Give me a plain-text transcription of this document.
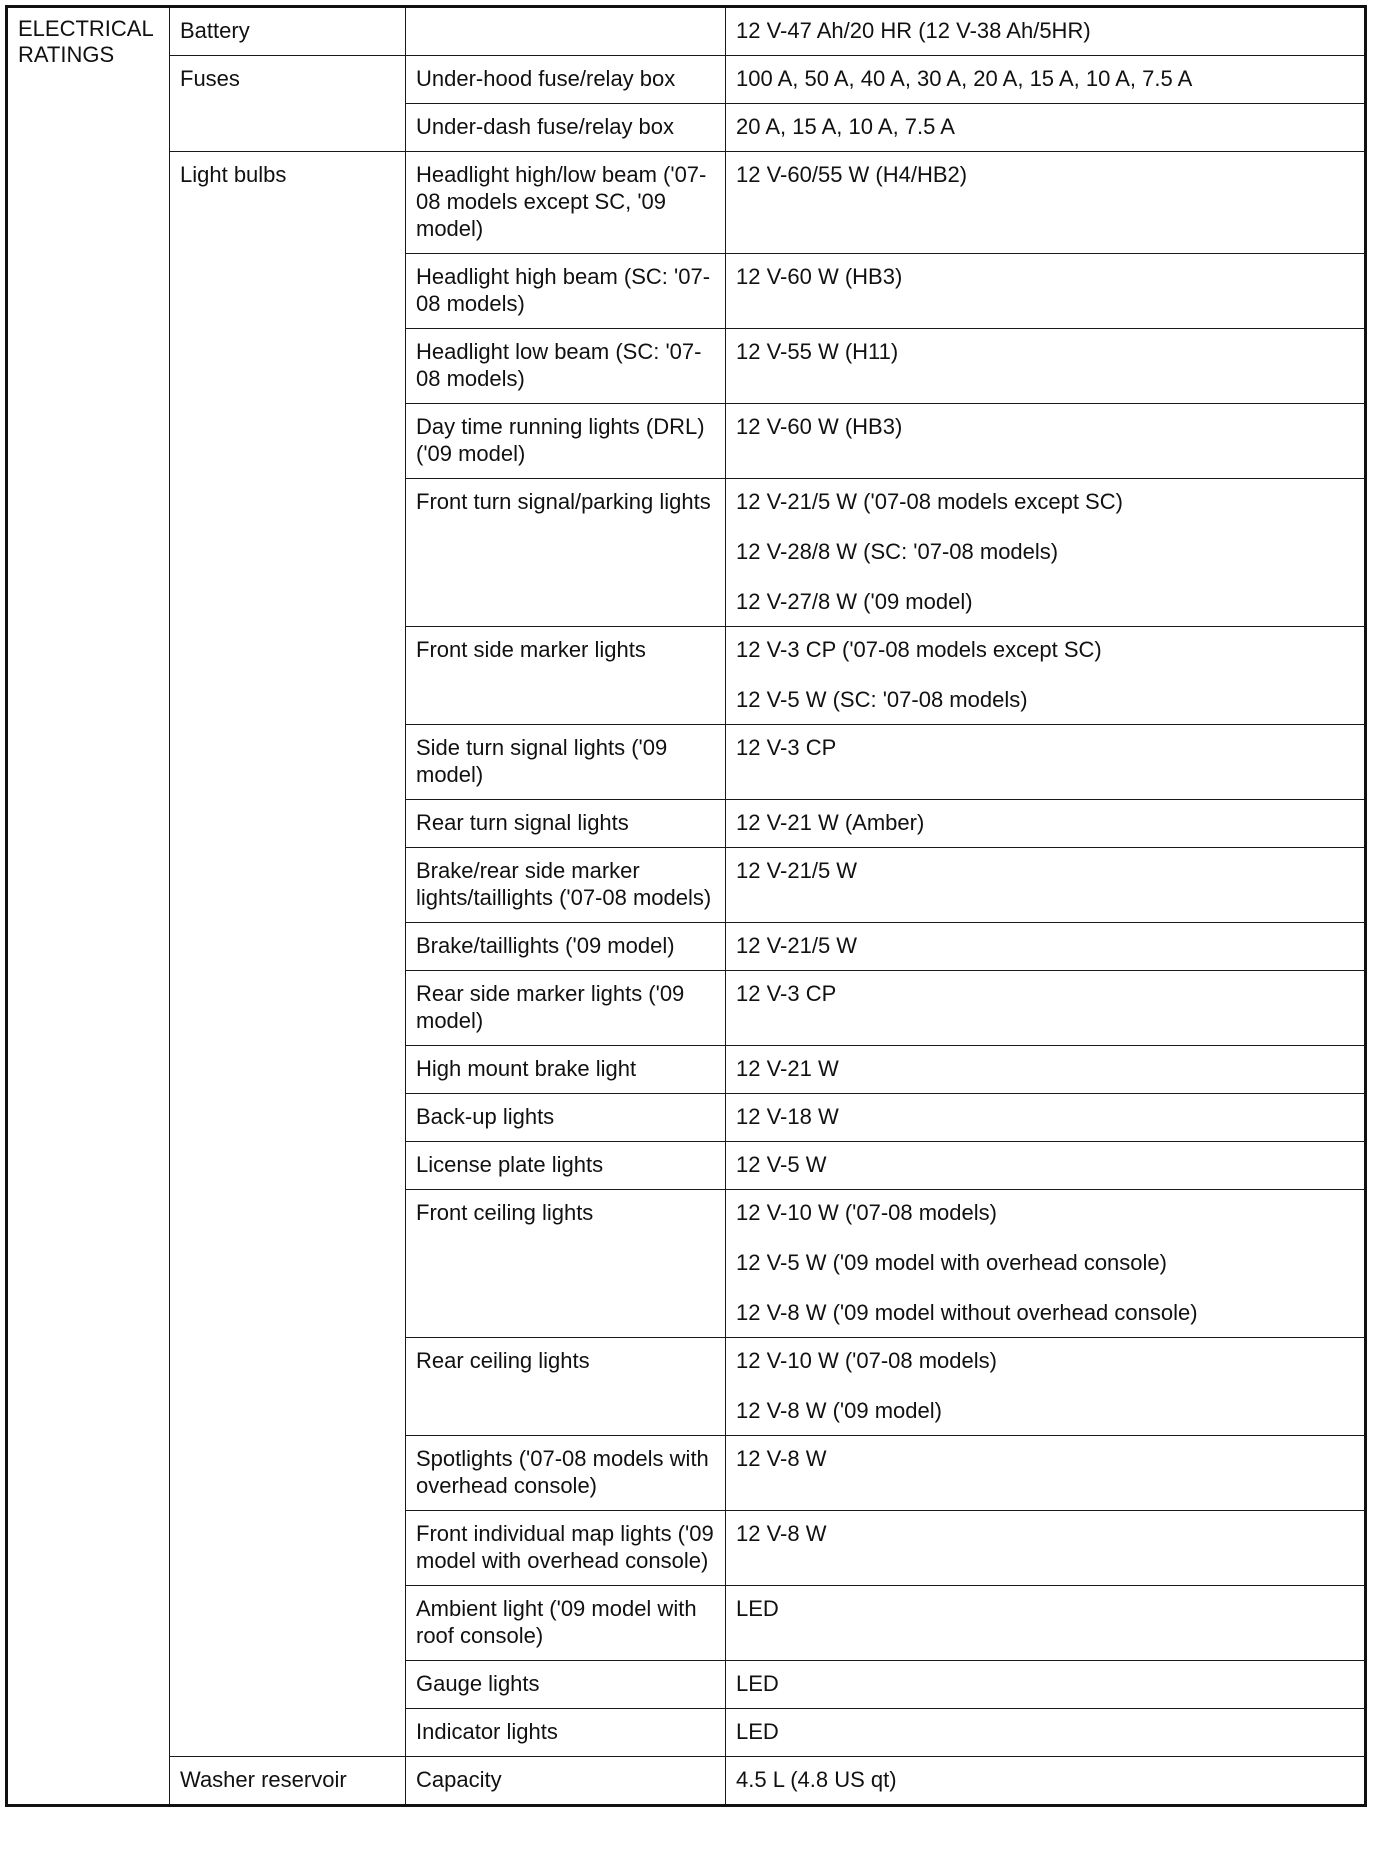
ELECTRICAL RATINGS	Battery		12 V-47 Ah/20 HR (12 V-38 Ah/5HR)

	Fuses	Under-hood fuse/relay box	100 A, 50 A, 40 A, 30 A, 20 A, 15 A, 10 A, 7.5 A

		Under-dash fuse/relay box	20 A, 15 A, 10 A, 7.5 A

	Light bulbs	Headlight high/low beam ('07-08 models except SC, '09 model)	12 V-60/55 W (H4/HB2)

		Headlight high beam (SC: '07-08 models)	12 V-60 W (HB3)

		Headlight low beam (SC: '07-08 models)	12 V-55 W (H11)

		Day time running lights (DRL) ('09 model)	12 V-60 W (HB3)

		Front turn signal/parking lights	12 V-21/5 W ('07-08 models except SC)
12 V-28/8 W (SC: '07-08 models)
12 V-27/8 W ('09 model)

		Front side marker lights	12 V-3 CP ('07-08 models except SC)
12 V-5 W (SC: '07-08 models)

		Side turn signal lights ('09 model)	12 V-3 CP

		Rear turn signal lights	12 V-21 W (Amber)

		Brake/rear side marker lights/taillights ('07-08 models)	12 V-21/5 W

		Brake/taillights ('09 model)	12 V-21/5 W

		Rear side marker lights ('09 model)	12 V-3 CP

		High mount brake light	12 V-21 W

		Back-up lights	12 V-18 W

		License plate lights	12 V-5 W

		Front ceiling lights	12 V-10 W ('07-08 models)
12 V-5 W ('09 model with overhead console)
12 V-8 W ('09 model without overhead console)

		Rear ceiling lights	12 V-10 W ('07-08 models)
12 V-8 W ('09 model)

		Spotlights ('07-08 models with overhead console)	12 V-8 W

		Front individual map lights ('09 model with overhead console)	12 V-8 W

		Ambient light ('09 model with roof console)	LED

		Gauge lights	LED

		Indicator lights	LED

	Washer reservoir	Capacity	4.5 L (4.8 US qt)
